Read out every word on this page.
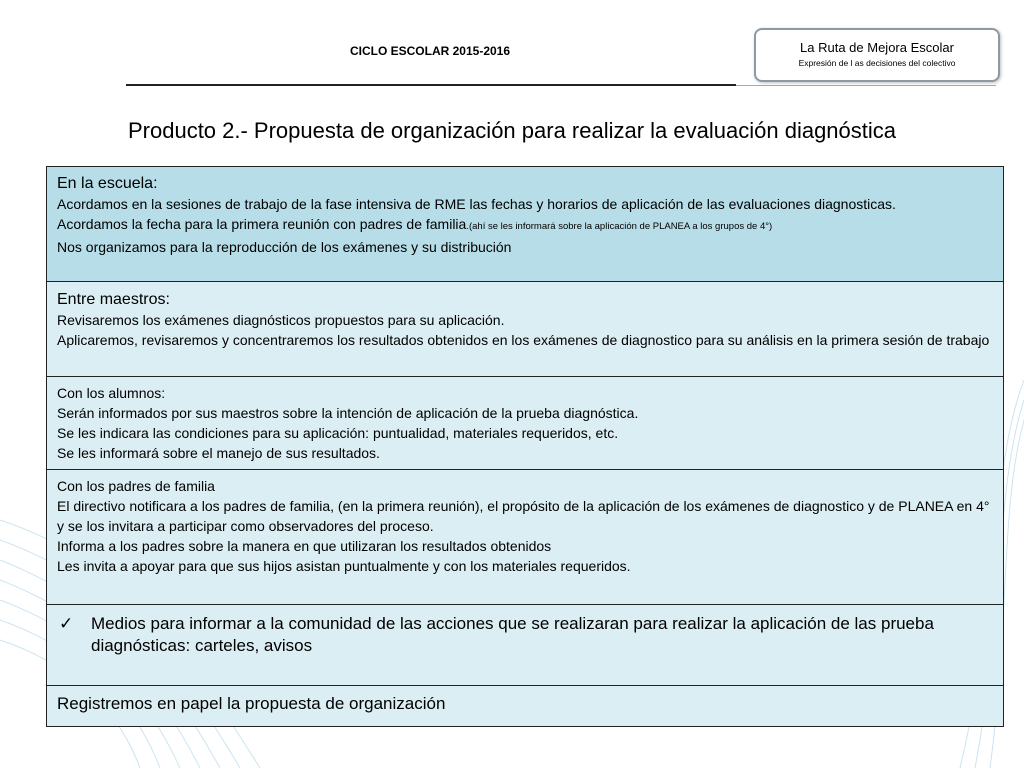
CICLO ESCOLAR 2015-2016	La Ruta de Mejora Escolar
Expresión de l as decisiones del colectivo
Producto 2.- Propuesta de organización para realizar la evaluación diagnóstica
En la escuela:
Acordamos en la sesiones de trabajo de la fase intensiva de RME las fechas y horarios de aplicación de las evaluaciones diagnosticas.
Acordamos la fecha para la primera reunión con padres de familia.(ahí se les informará sobre la aplicación de PLANEA a los grupos de 4°)
Nos organizamos para la reproducción de los exámenes y su distribución
Entre maestros:
Revisaremos los exámenes diagnósticos propuestos para su aplicación.
Aplicaremos, revisaremos y concentraremos los resultados obtenidos en los exámenes de diagnostico para su análisis en la primera sesión de trabajo
Con los alumnos:
Serán informados por sus maestros sobre la intención de aplicación de la prueba diagnóstica.
Se les indicara las condiciones para su aplicación: puntualidad, materiales requeridos, etc.
Se les informará sobre el manejo de sus resultados.
Con los padres de familia
El directivo notificara a los padres de familia, (en la primera reunión), el propósito de la aplicación de los exámenes de diagnostico y de PLANEA en 4° y se los invitara a participar como observadores del proceso.
Informa a los padres sobre la manera en que utilizaran los resultados obtenidos
Les invita a apoyar para que sus hijos asistan puntualmente y con los materiales requeridos.
✓	Medios para informar a la comunidad de las acciones que se realizaran para realizar la aplicación de las prueba diagnósticas: carteles, avisos
Registremos en papel la propuesta de organización
